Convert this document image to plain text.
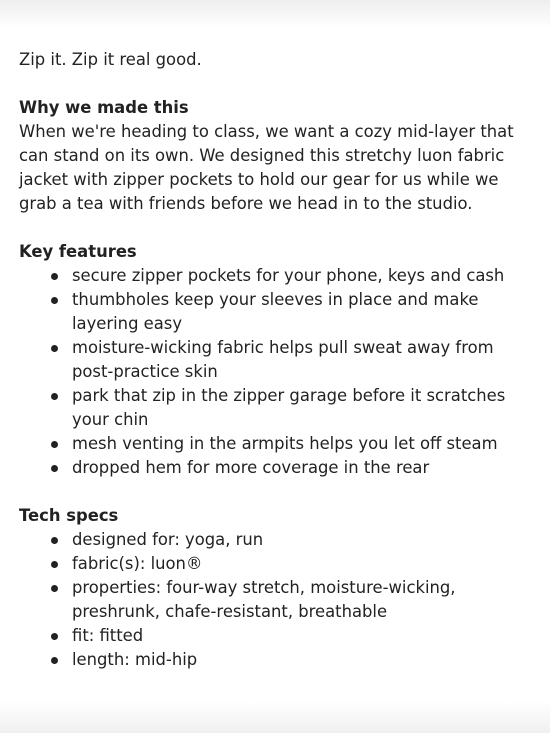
Zip it. Zip it real good.

Why we made this

When we're heading to class, we want a cozy mid-layer that can stand on its own. We designed this stretchy luon fabric jacket with zipper pockets to hold our gear for us while we grab a tea with friends before we head in to the studio.

Key features
secure zipper pockets for your phone, keys and cash
thumbholes keep your sleeves in place and make layering easy
moisture-wicking fabric helps pull sweat away from post-practice skin
park that zip in the zipper garage before it scratches your chin
mesh venting in the armpits helps you let off steam
dropped hem for more coverage in the rear
Tech specs
designed for: yoga, run
fabric(s): luon®
properties: four-way stretch, moisture-wicking, preshrunk, chafe-resistant, breathable
fit: fitted
length: mid-hip
